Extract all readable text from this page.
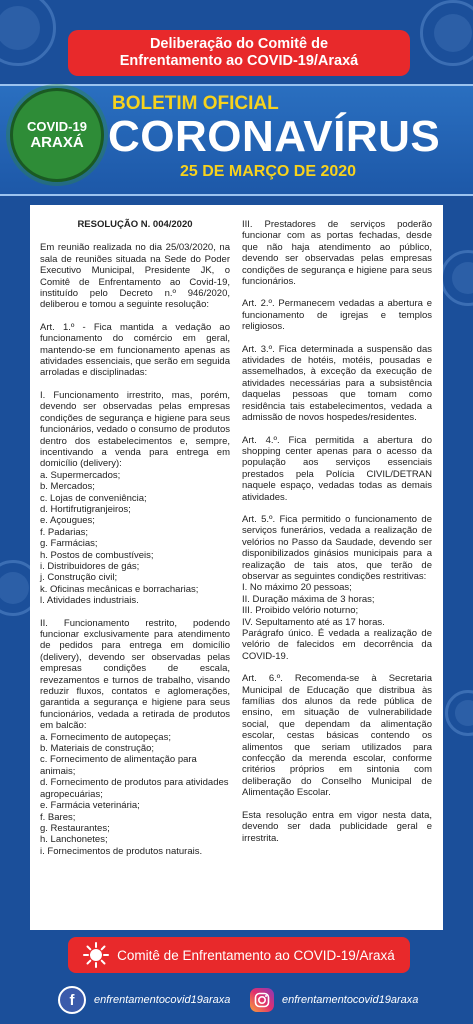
Deliberação do Comitê de
Enfrentamento ao COVID-19/Araxá
COVID-19
ARAXÁ
BOLETIM OFICIAL
CORONAVÍRUS
25 DE MARÇO DE 2020
RESOLUÇÃO N. 004/2020

Em reunião realizada no dia 25/03/2020, na sala de reuniões situada na Sede do Poder Executivo Municipal, Presidente JK, o Comitê de Enfrentamento ao Covid-19, instituído pelo Decreto n.º 946/2020, deliberou e tomou a seguinte resolução:

Art. 1.º - Fica mantida a vedação ao funcionamento do comércio em geral, mantendo-se em funcionamento apenas as atividades essenciais, que serão em seguida arroladas e disciplinadas:

I. Funcionamento irrestrito, mas, porém, devendo ser observadas pelas empresas condições de segurança e higiene para seus funcionários, vedado o consumo de produtos dentro dos estabelecimentos e, sempre, incentivando a venda para entrega em domicílio (delivery):

a. Supermercados;
b. Mercados;
c. Lojas de conveniência;
d. Hortifrutigranjeiros;
e. Açougues;
f. Padarias;
g. Farmácias;
h. Postos de combustíveis;
i. Distribuidores de gás;
j. Construção civil;
k. Oficinas mecânicas e borracharias;
l. Atividades industriais.

II. Funcionamento restrito, podendo funcionar exclusivamente para atendimento de pedidos para entrega em domicílio (delivery), devendo ser observadas pelas empresas condições de escala, revezamentos e turnos de trabalho, visando reduzir fluxos, contatos e aglomerações, garantida a segurança e higiene para seus funcionários, vedada a retirada de produtos em balcão:

a. Fornecimento de autopeças;
b. Materiais de construção;
c. Fornecimento de alimentação para animais;
d. Fornecimento de produtos para atividades agropecuárias;
e. Farmácia veterinária;
f. Bares;
g. Restaurantes;
h. Lanchonetes;
i. Fornecimentos de produtos naturais.

III. Prestadores de serviços poderão funcionar com as portas fechadas, desde que não haja atendimento ao público, devendo ser observadas pelas empresas condições de segurança e higiene para seus funcionários.

Art. 2.º. Permanecem vedadas a abertura e funcionamento de igrejas e templos religiosos.

Art. 3.º. Fica determinada a suspensão das atividades de hotéis, motéis, pousadas e assemelhados, à exceção da execução de atividades necessárias para a subsistência daquelas pessoas que tomam como residência tais estabelecimentos, vedada a admissão de novos hospedes/residentes.

Art. 4.º. Fica permitida a abertura do shopping center apenas para o acesso da população aos serviços essenciais prestados pela Polícia CIVIL/DETRAN naquele espaço, vedadas todas as demais atividades.

Art. 5.º. Fica permitido o funcionamento de serviços funerários, vedada a realização de velórios no Passo da Saudade, devendo ser disponibilizados ginásios municipais para a realização de tais atos, que terão de observar as seguintes condições restritivas:

I. No máximo 20 pessoas;
II. Duração máxima de 3 horas;
III. Proibido velório noturno;
IV. Sepultamento até as 17 horas.

Parágrafo único. É vedada a realização de velório de falecidos em decorrência da COVID-19.

Art. 6.º. Recomenda-se à Secretaria Municipal de Educação que distribua às famílias dos alunos da rede pública de ensino, em situação de vulnerabilidade social, que dependam da alimentação escolar, cestas básicas contendo os alimentos que seriam utilizados para confecção da merenda escolar, conforme critérios próprios em sintonia com deliberação do Conselho Municipal de Alimentação Escolar.

Esta resolução entra em vigor nesta data, devendo ser dada publicidade geral e irrestrita.

Comitê de Enfrentamento ao COVID-19/Araxá
f	enfrentamentocovid19araxa	enfrentamentocovid19araxa
